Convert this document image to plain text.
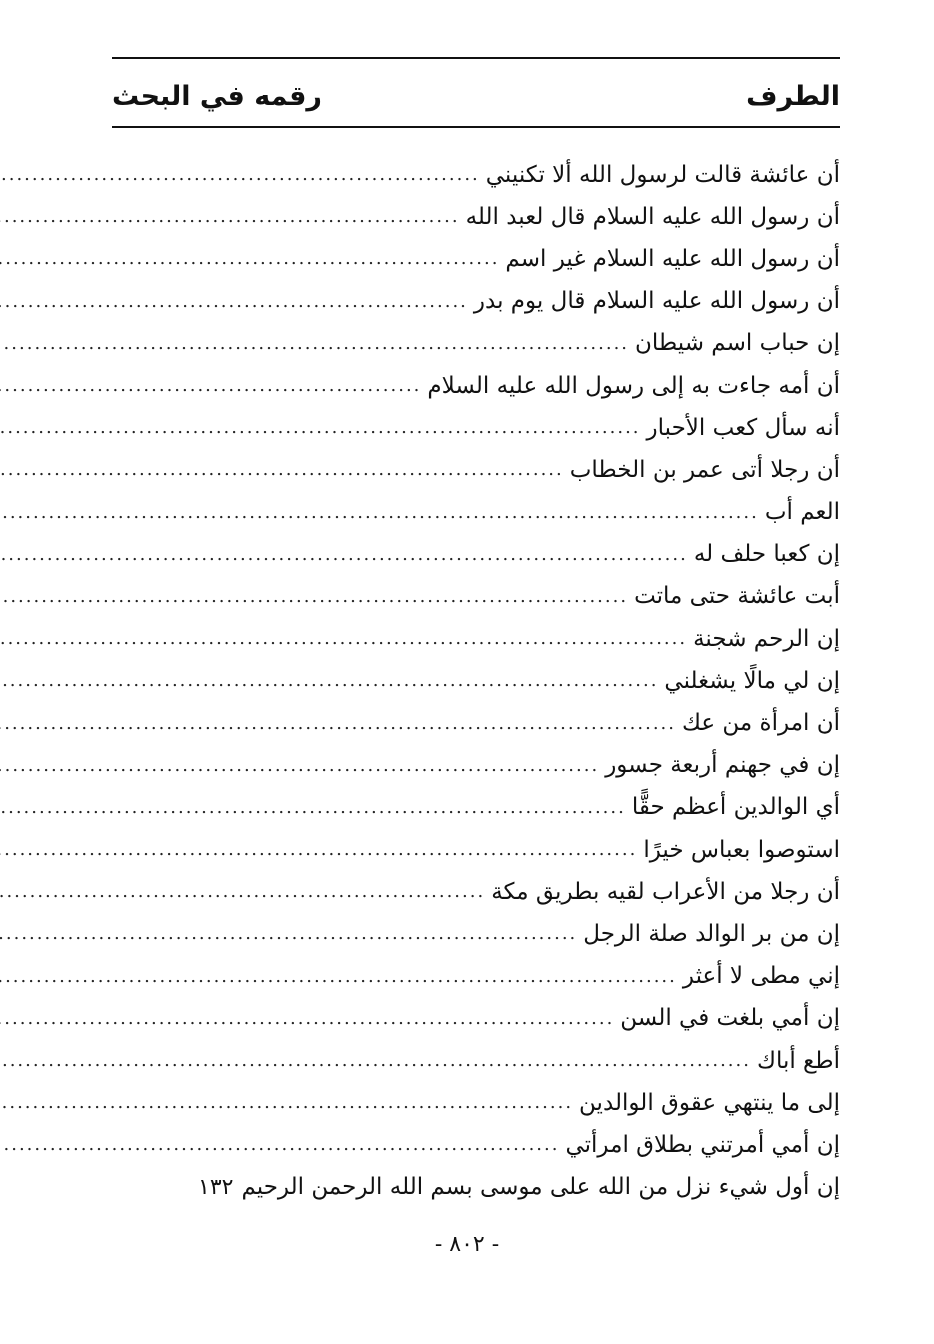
الطرف
رقمه في البحث
أن عائشة قالت لرسول الله ألا تكنيني
.....
أن رسول الله عليه السلام قال لعبد الله
.....
أن رسول الله عليه السلام غير اسم
.....
أن رسول الله عليه السلام قال يوم بدر
.....
إن حباب اسم شيطان
.....
أن أمه جاءت به إلى رسول الله عليه السلام
.....
أنه سأل كعب الأحبار
.....
أن رجلا أتى عمر بن الخطاب
.....
العم أب
.....
إن كعبا حلف له
.....
أبت عائشة حتى ماتت
.....
إن الرحم شجنة
.....
إن لي مالًا يشغلني
.....
أن امرأة من عك
.....
إن في جهنم أربعة جسور
.....
أي الوالدين أعظم حقًّا
.....
استوصوا بعباس خيرًا
.....
أن رجلا من الأعراب لقيه بطريق مكة
.....
إن من بر الوالد صلة الرجل
.....
إني مطى لا أعثر
.....
إن أمي بلغت في السن
.....
أطع أباك
.....
إلى ما ينتهي عقوق الوالدين
.....
إن أمي أمرتني بطلاق امرأتي
.....
إن أول شيء نزل من الله على موسى بسم الله الرحمن الرحيم
١٣٢
- ٨٠٢ -
